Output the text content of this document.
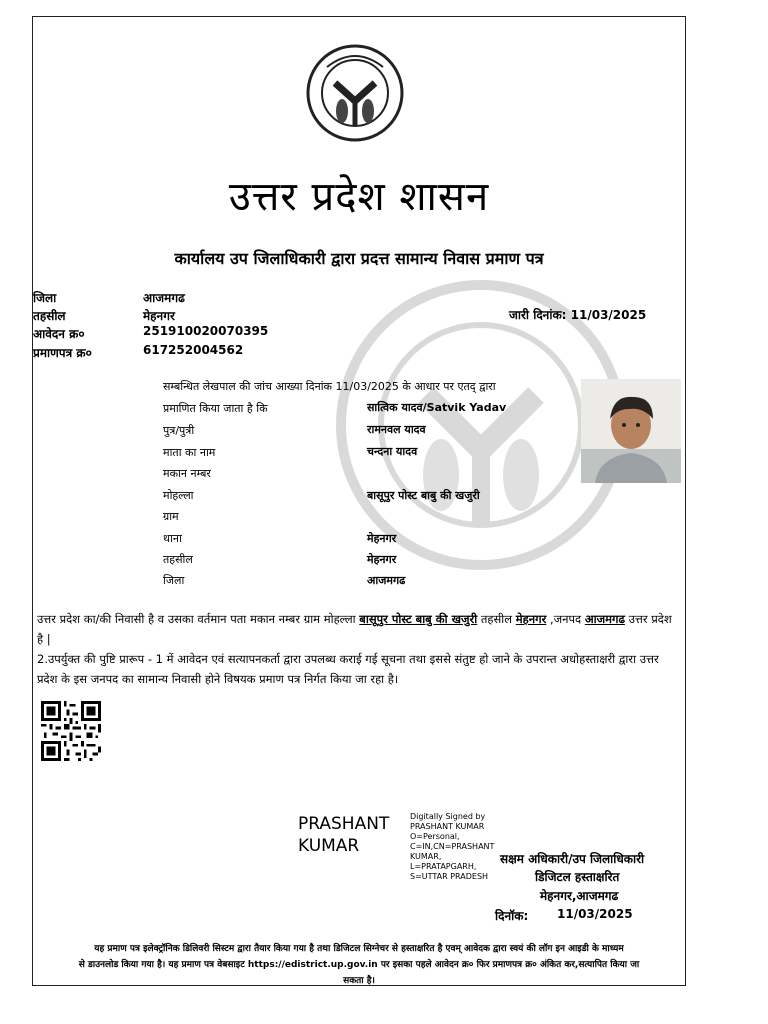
उत्तर प्रदेश शासन
कार्यालय उप जिलाधिकारी द्वारा प्रदत्त सामान्य निवास प्रमाण पत्र
जिला	आजमगढ
तहसील	मेहनगर
आवेदन क्र०	251910020070395
प्रमाणपत्र क्र०	617252004562
जारी दिनांक: 11/03/2025
सम्बन्धित लेखपाल की जांच आख्या दिनांक 11/03/2025 के आधार पर एतद् द्वारा
प्रमाणित किया जाता है कि	सात्विक यादव/Satvik Yadav
पुत्र/पुत्री	रामनवल यादव
माता का नाम	चन्दना यादव
मकान नम्बर
मोहल्ला	बासूपुर पोस्ट बाबु की खजुरी
ग्राम
थाना	मेहनगर
तहसील	मेहनगर
जिला	आजमगढ
उत्तर प्रदेश का/की निवासी है व उसका वर्तमान पता मकान नम्बर ग्राम मोहल्ला बासूपुर पोस्ट बाबु की खजुरी तहसील मेहनगर ,जनपद आजमगढ उत्तर प्रदेश है |
2.उपर्युक्त की पुष्टि प्रारूप - 1 में आवेदन एवं सत्यापनकर्ता द्वारा उपलब्ध कराई गई सूचना तथा इससे संतुष्ट हो जाने के उपरान्त अधोहस्ताक्षरी द्वारा उत्तर प्रदेश के इस जनपद का सामान्य निवासी होने विषयक प्रमाण पत्र निर्गत किया जा रहा है।
PRASHANT
KUMAR
Digitally Signed by
PRASHANT KUMAR
O=Personal,
C=IN,CN=PRASHANT
KUMAR,
L=PRATAPGARH,
S=UTTAR PRADESH
सक्षम अधिकारी/उप जिलाधिकारी
डिजिटल हस्ताक्षरित
मेहनगर,आजमगढ
दिनॉक: 11/03/2025
यह प्रमाण पत्र इलेक्ट्रॉनिक डिलिवरी सिस्टम द्वारा तैयार किया गया है तथा डिजिटल सिग्नेचर से हस्ताक्षरित है एवम् आवेदक द्वारा स्वयं की लॉग इन आइडी के माध्यम
से डाउनलोड किया गया है। यह प्रमाण पत्र वेबसाइट https://edistrict.up.gov.in पर इसका पहले आवेदन क्र० फिर प्रमाणपत्र क्र० अंकित कर,सत्यापित किया जा
सकता है।
